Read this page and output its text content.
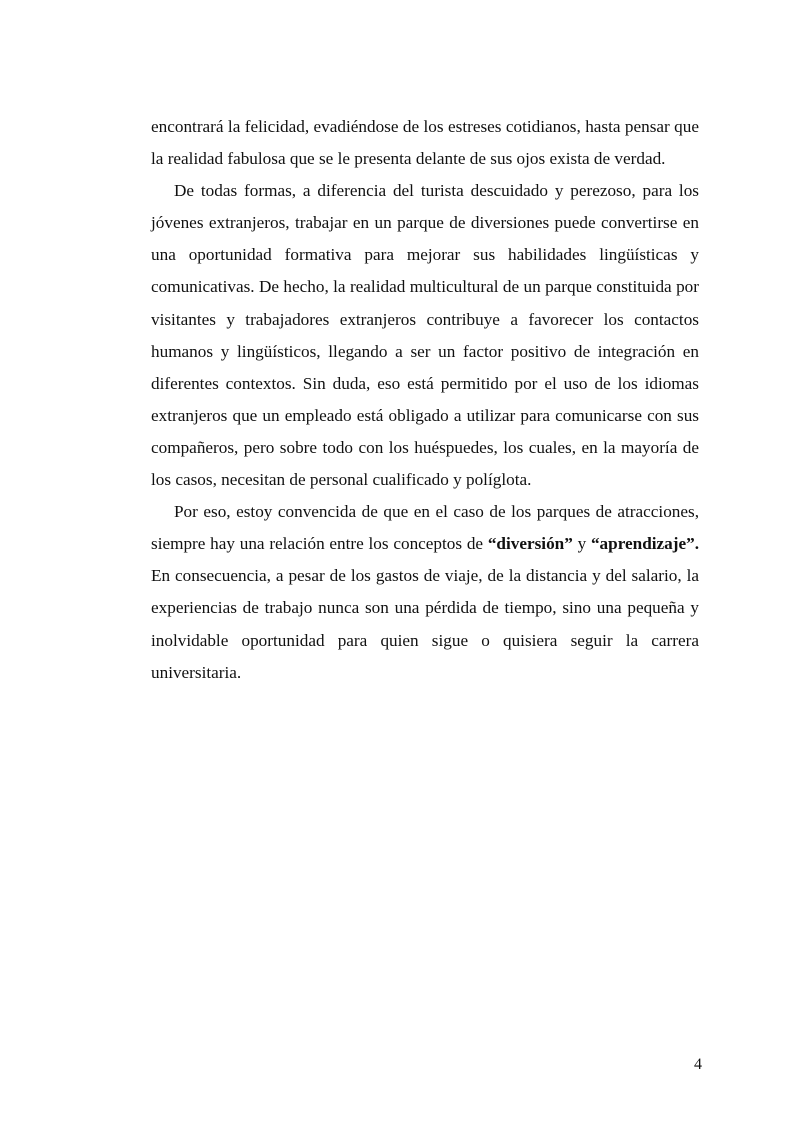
encontrará la felicidad, evadiéndose de los estreses cotidianos, hasta pensar que la realidad fabulosa que se le presenta delante de sus ojos exista de verdad.

De todas formas, a diferencia del turista descuidado y perezoso, para los jóvenes extranjeros, trabajar en un parque de diversiones puede convertirse en una oportunidad formativa para mejorar sus habilidades lingüísticas y comunicativas. De hecho, la realidad multicultural de un parque constituida por visitantes y trabajadores extranjeros contribuye a favorecer los contactos humanos y lingüísticos, llegando a ser un factor positivo de integración en diferentes contextos. Sin duda, eso está permitido por el uso de los idiomas extranjeros que un empleado está obligado a utilizar para comunicarse con sus compañeros, pero sobre todo con los huéspuedes, los cuales, en la mayoría de los casos, necesitan de personal cualificado y políglota.

Por eso, estoy convencida de que en el caso de los parques de atracciones, siempre hay una relación entre los conceptos de “diversión” y “aprendizaje”. En consecuencia, a pesar de los gastos de viaje, de la distancia y del salario, la experiencias de trabajo nunca son una pérdida de tiempo, sino una pequeña y inolvidable oportunidad para quien sigue o quisiera seguir la carrera universitaria.

4
